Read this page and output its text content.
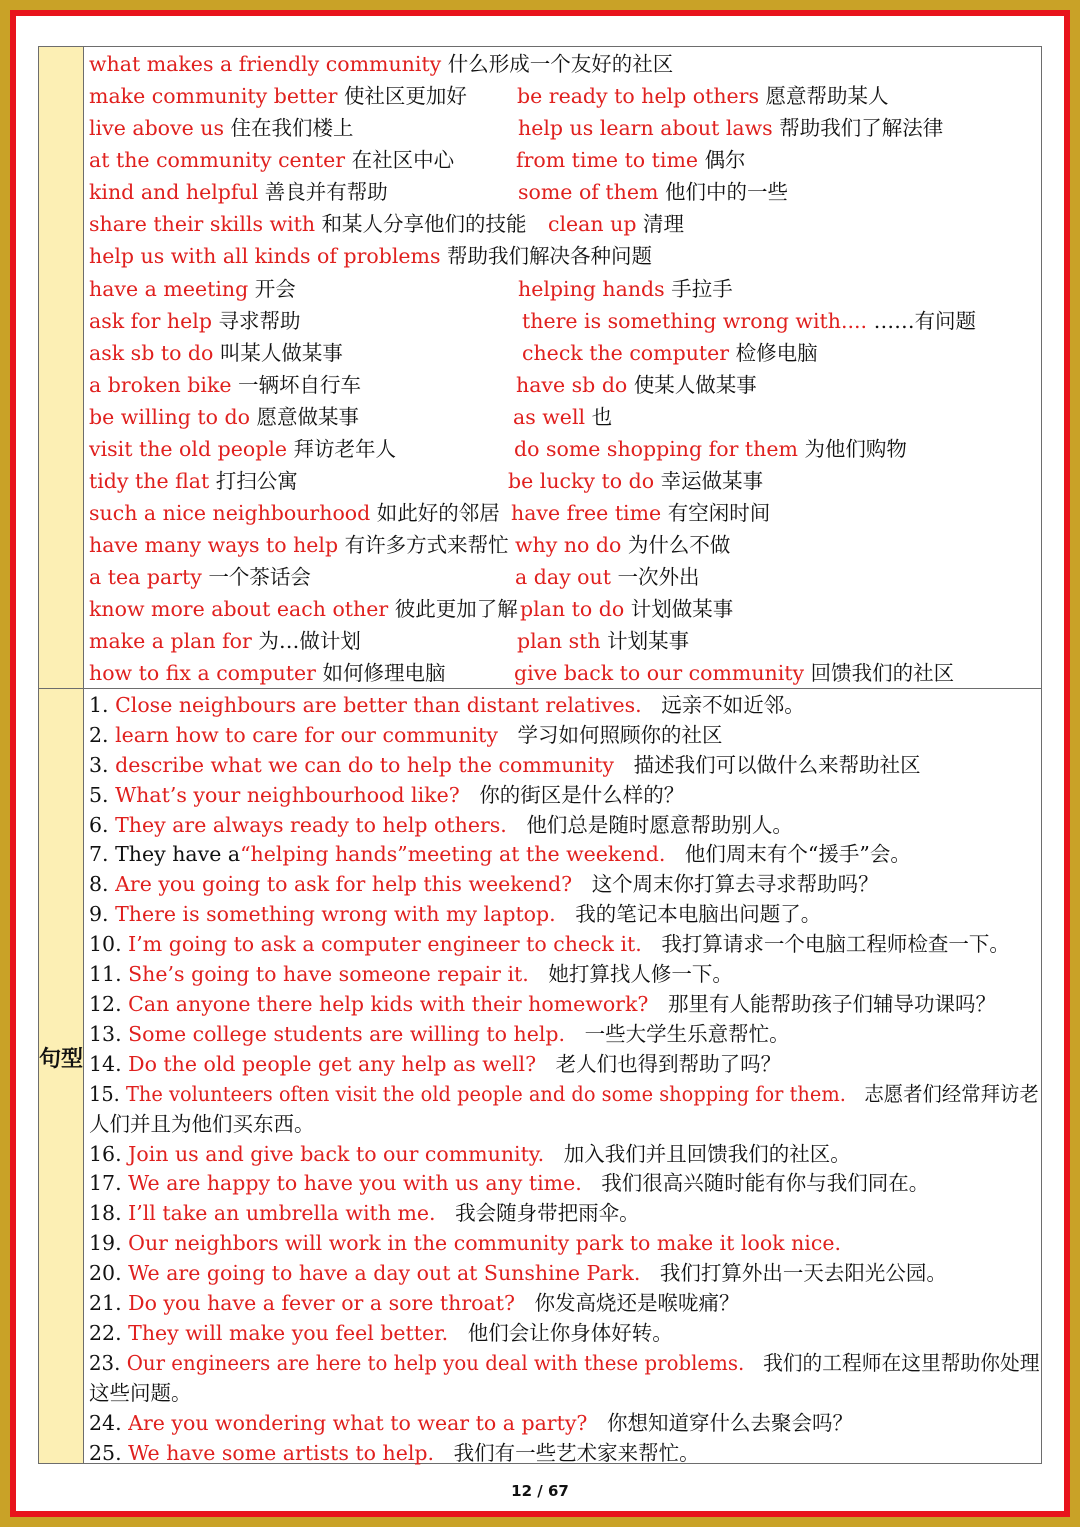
句型
what makes a friendly community 什么形成一个友好的社区
make community better 使社区更加好 be ready to help others 愿意帮助某人
live above us 住在我们楼上	help us learn about laws 帮助我们了解法律
at the community center 在社区中心	from time to time 偶尔
kind and helpful 善良并有帮助	some of them 他们中的一些
share their skills with 和某人分享他们的技能 clean up 清理
help us with all kinds of problems 帮助我们解决各种问题
have a meeting 开会	helping hands 手拉手
ask for help 寻求帮助	there is something wrong with.... ……有问题
ask sb to do 叫某人做某事	check the computer 检修电脑
a broken bike 一辆坏自行车	have sb do 使某人做某事
be willing to do 愿意做某事	as well 也
visit the old people 拜访老年人	do some shopping for them 为他们购物
tidy the flat 打扫公寓	be lucky to do 幸运做某事
such a nice neighbourhood 如此好的邻居 have free time 有空闲时间
have many ways to help 有许多方式来帮忙 why no do 为什么不做
a tea party 一个茶话会	a day out 一次外出
know more about each other 彼此更加了解 plan to do 计划做某事
make a plan for 为…做计划	plan sth 计划某事
how to fix a computer 如何修理电脑	give back to our community 回馈我们的社区
1. Close neighbours are better than distant relatives. 远亲不如近邻。
2. learn how to care for our community 学习如何照顾你的社区
3. describe what we can do to help the community 描述我们可以做什么来帮助社区
5. What’s your neighbourhood like? 你的街区是什么样的？
6. They are always ready to help others. 他们总是随时愿意帮助别人。
7. They have a“helping hands”meeting at the weekend. 他们周末有个“援手”会。
8. Are you going to ask for help this weekend? 这个周末你打算去寻求帮助吗？
9. There is something wrong with my laptop. 我的笔记本电脑出问题了。
10. I’m going to ask a computer engineer to check it. 我打算请求一个电脑工程师检查一下。
11. She’s going to have someone repair it. 她打算找人修一下。
12. Can anyone there help kids with their homework? 那里有人能帮助孩子们辅导功课吗？
13. Some college students are willing to help. 一些大学生乐意帮忙。
14. Do the old people get any help as well? 老人们也得到帮助了吗？
15. The volunteers often visit the old people and do some shopping for them. 志愿者们经常拜访老
人们并且为他们买东西。
16. Join us and give back to our community. 加入我们并且回馈我们的社区。
17. We are happy to have you with us any time. 我们很高兴随时能有你与我们同在。
18. I’ll take an umbrella with me. 我会随身带把雨伞。
19. Our neighbors will work in the community park to make it look nice.
20. We are going to have a day out at Sunshine Park. 我们打算外出一天去阳光公园。
21. Do you have a fever or a sore throat? 你发高烧还是喉咙痛？
22. They will make you feel better. 他们会让你身体好转。
23. Our engineers are here to help you deal with these problems. 我们的工程师在这里帮助你处理
这些问题。
24. Are you wondering what to wear to a party? 你想知道穿什么去聚会吗？
25. We have some artists to help. 我们有一些艺术家来帮忙。
12 / 67
